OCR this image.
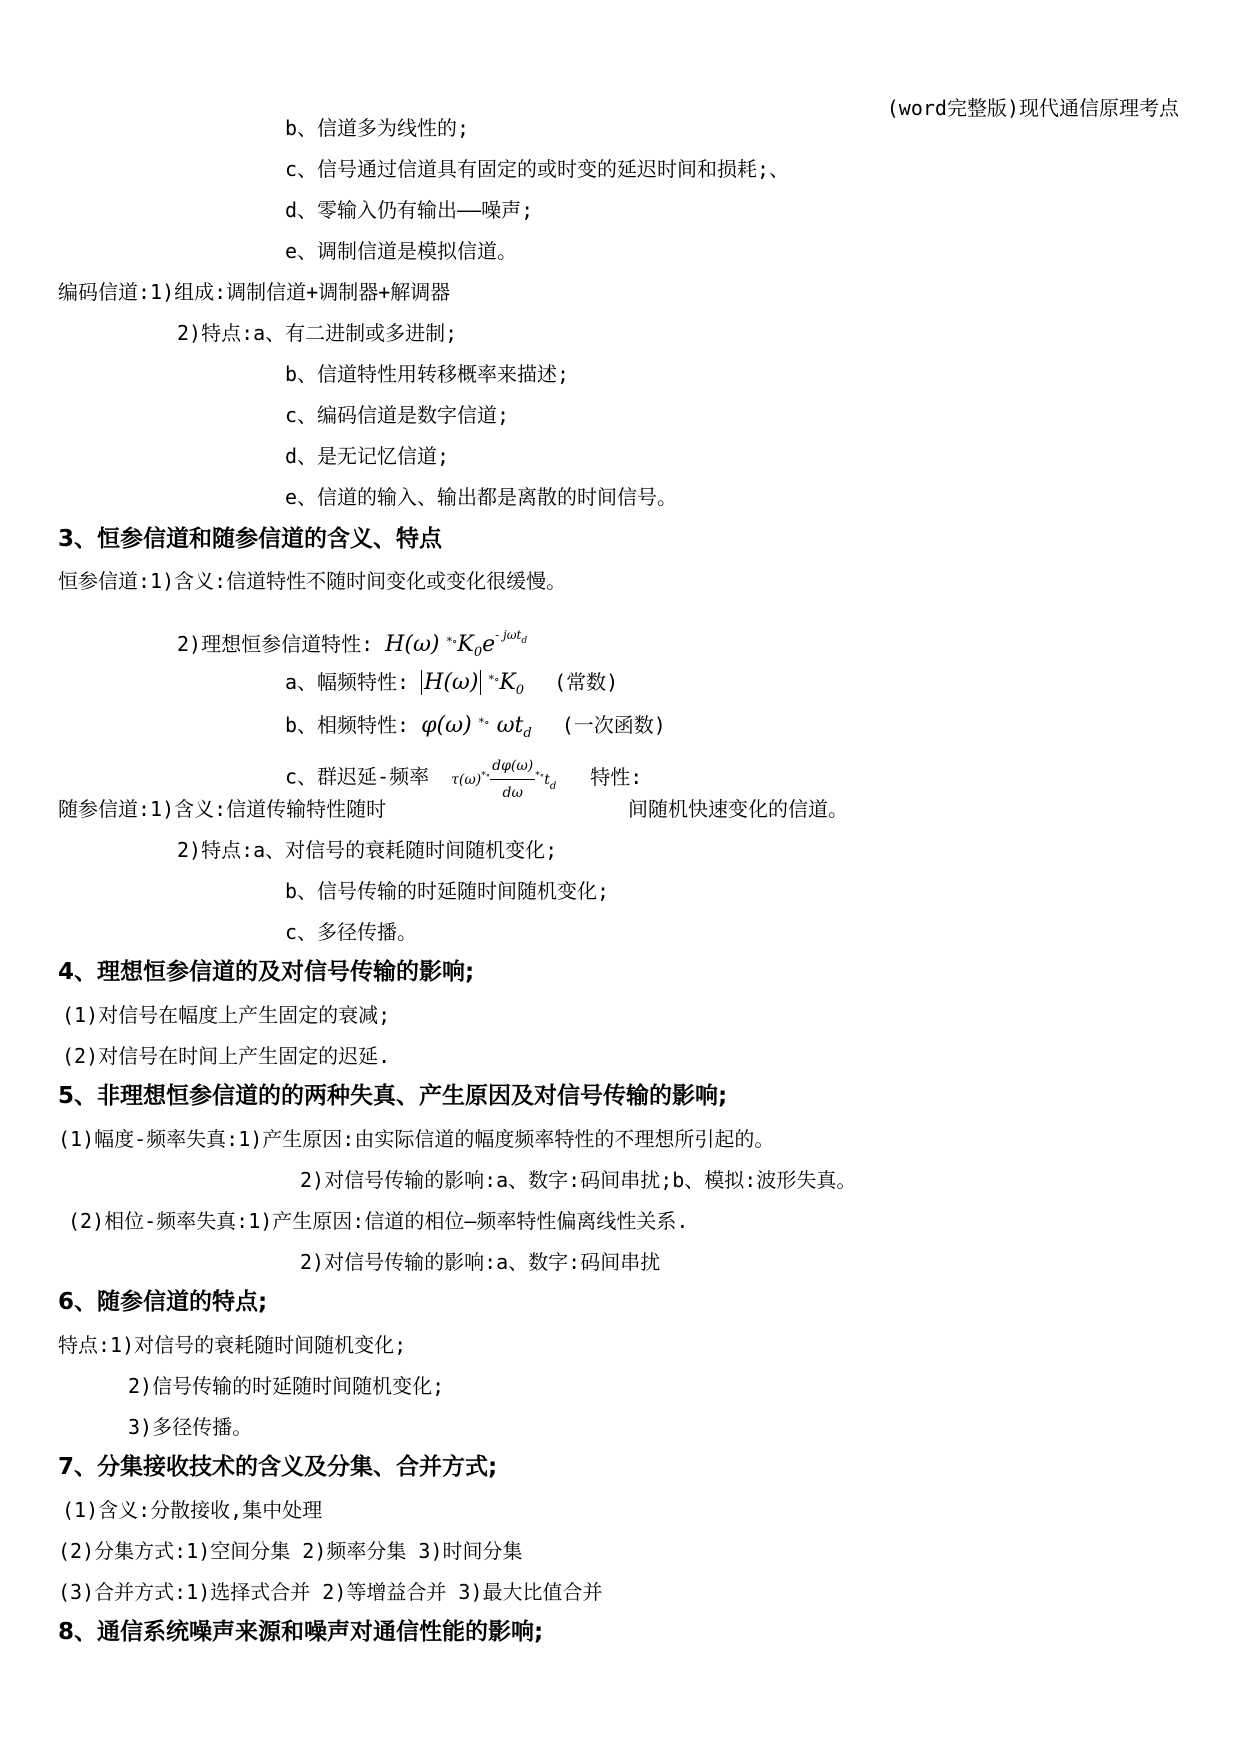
(word完整版)现代通信原理考点
b、信道多为线性的;
c、信号通过信道具有固定的或时变的延迟时间和损耗;、
d、零输入仍有输出——噪声;
e、调制信道是模拟信道。
编码信道:1)组成:调制信道+调制器+解调器
2)特点:a、有二进制或多进制;
b、信道特性用转移概率来描述;
c、编码信道是数字信道;
d、是无记忆信道;
e、信道的输入、输出都是离散的时间信号。
3、恒参信道和随参信道的含义、特点
恒参信道:1)含义:信道特性不随时间变化或变化很缓慢。
2)理想恒参信道特性: H(ω) $^{*\circ}K_0e^{- j\omega td}$
a、幅频特性: H(ω) $^{*\circ}K_0$ (常数)
b、相频特性: φ(ω) *∘ $\omega t_d$ (一次函数)
c、群迟延-频率 $\tau(\omega)^{*\circ} \frac{d\varphi(\omega)}{d\omega} ^{*\circ}t_d$ 特性:
随参信道:1)含义:信道传输特性随时	间随机快速变化的信道。
2)特点:a、对信号的衰耗随时间随机变化;
b、信号传输的时延随时间随机变化;
c、多径传播。
4、理想恒参信道的及对信号传输的影响;
(1)对信号在幅度上产生固定的衰减;
(2)对信号在时间上产生固定的迟延.
5、非理想恒参信道的的两种失真、产生原因及对信号传输的影响;
(1)幅度-频率失真:1)产生原因:由实际信道的幅度频率特性的不理想所引起的。
2)对信号传输的影响:a、数字:码间串扰;b、模拟:波形失真。
(2)相位-频率失真:1)产生原因:信道的相位—频率特性偏离线性关系.
2)对信号传输的影响:a、数字:码间串扰
6、随参信道的特点;
特点:1)对信号的衰耗随时间随机变化;
2)信号传输的时延随时间随机变化;
3)多径传播。
7、分集接收技术的含义及分集、合并方式;
(1)含义:分散接收,集中处理
(2)分集方式:1)空间分集 2)频率分集 3)时间分集
(3)合并方式:1)选择式合并 2)等增益合并 3)最大比值合并
8、通信系统噪声来源和噪声对通信性能的影响;
